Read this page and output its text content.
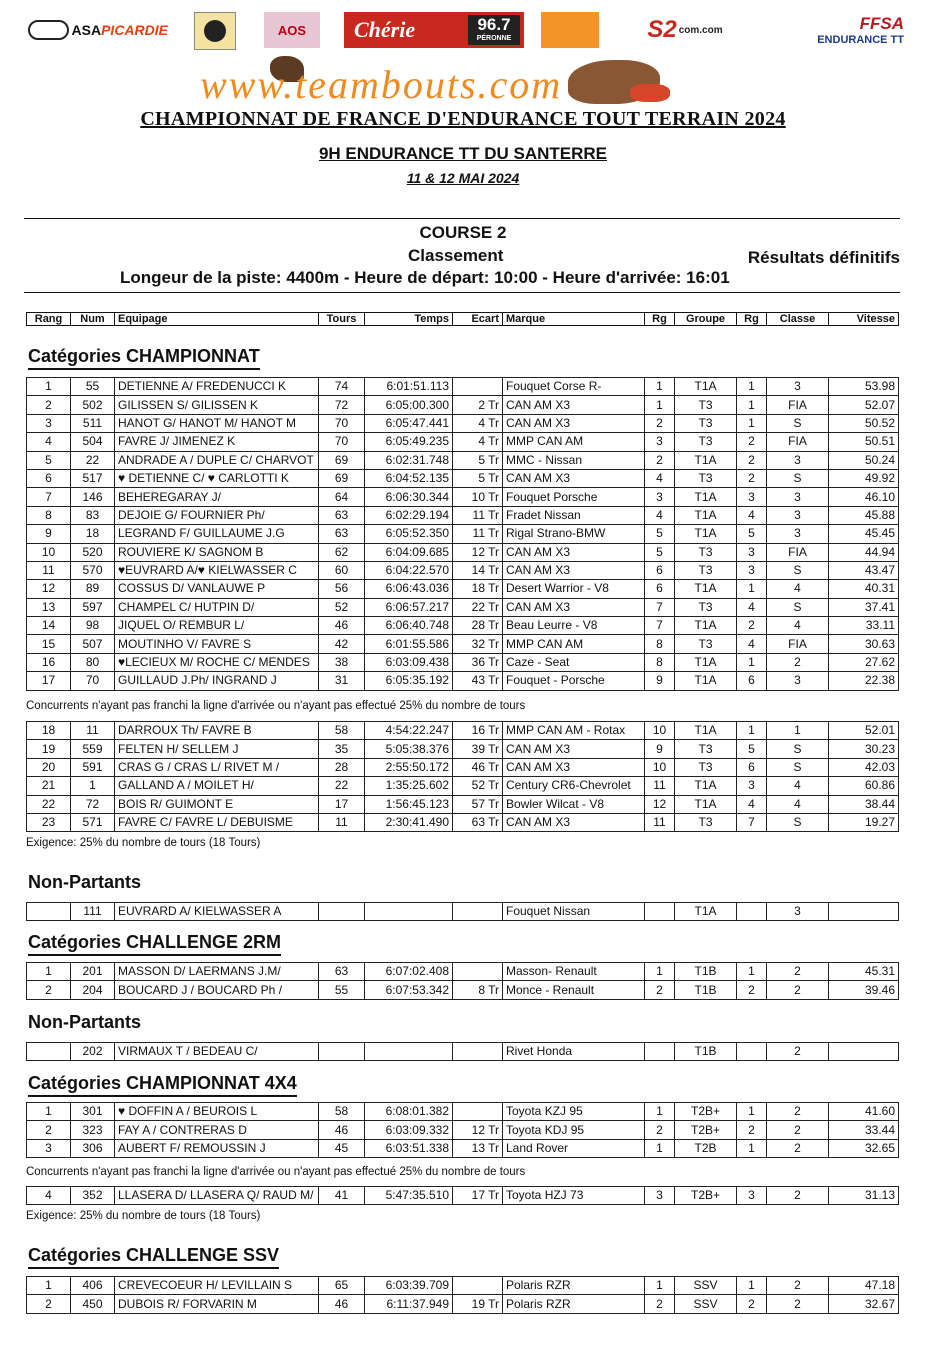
ASA PICARDIE	AOS	Chérie	96.7
PÉRONNE	S2 com.com	FFSA
ENDURANCE TT
www.teambouts.com
CHAMPIONNAT DE FRANCE D'ENDURANCE TOUT TERRAIN 2024
9H ENDURANCE TT DU SANTERRE
11 & 12 MAI 2024
COURSE 2
Classement	Résultats définitifs
Longeur de la piste: 4400m - Heure de départ: 10:00 - Heure d'arrivée: 16:01
Rang	Num	Equipage	Tours	Temps	Ecart	Marque	Rg	Groupe	Rg	Classe	Vitesse
Catégories CHAMPIONNAT
1	55	DETIENNE A/ FREDENUCCI K	74	6:01:51.113		Fouquet Corse R-	1	T1A	1	3	53.98
2	502	GILISSEN S/ GILISSEN K	72	6:05:00.300	2 Tr	CAN AM X3	1	T3	1	FIA	52.07
3	511	HANOT G/ HANOT M/ HANOT M	70	6:05:47.441	4 Tr	CAN AM X3	2	T3	1	S	50.52
4	504	FAVRE J/ JIMENEZ K	70	6:05:49.235	4 Tr	MMP CAN AM	3	T3	2	FIA	50.51
5	22	ANDRADE A / DUPLE C/ CHARVOT	69	6:02:31.748	5 Tr	MMC - Nissan	2	T1A	2	3	50.24
6	517	♥ DETIENNE C/ ♥ CARLOTTI K	69	6:04:52.135	5 Tr	CAN AM X3	4	T3	2	S	49.92
7	146	BEHEREGARAY J/	64	6:06:30.344	10 Tr	Fouquet Porsche	3	T1A	3	3	46.10
8	83	DEJOIE G/ FOURNIER Ph/	63	6:02:29.194	11 Tr	Fradet Nissan	4	T1A	4	3	45.88
9	18	LEGRAND F/ GUILLAUME J.G	63	6:05:52.350	11 Tr	Rigal Strano-BMW	5	T1A	5	3	45.45
10	520	ROUVIERE K/ SAGNOM B	62	6:04:09.685	12 Tr	CAN AM X3	5	T3	3	FIA	44.94
11	570	♥EUVRARD A/♥ KIELWASSER C	60	6:04:22.570	14 Tr	CAN AM X3	6	T3	3	S	43.47
12	89	COSSUS D/ VANLAUWE P	56	6:06:43.036	18 Tr	Desert Warrior - V8	6	T1A	1	4	40.31
13	597	CHAMPEL C/ HUTPIN D/	52	6:06:57.217	22 Tr	CAN AM X3	7	T3	4	S	37.41
14	98	JIQUEL O/ REMBUR L/	46	6:06:40.748	28 Tr	Beau Leurre - V8	7	T1A	2	4	33.11
15	507	MOUTINHO V/ FAVRE S	42	6:01:55.586	32 Tr	MMP CAN AM	8	T3	4	FIA	30.63
16	80	♥LECIEUX M/ ROCHE C/ MENDES	38	6:03:09.438	36 Tr	Caze - Seat	8	T1A	1	2	27.62
17	70	GUILLAUD J.Ph/ INGRAND J	31	6:05:35.192	43 Tr	Fouquet - Porsche	9	T1A	6	3	22.38
Concurrents n'ayant pas franchi la ligne d'arrivée ou n'ayant pas effectué 25% du nombre de tours
18	11	DARROUX Th/ FAVRE B	58	4:54:22.247	16 Tr	MMP CAN AM - Rotax	10	T1A	1	1	52.01
19	559	FELTEN H/ SELLEM J	35	5:05:38.376	39 Tr	CAN AM X3	9	T3	5	S	30.23
20	591	CRAS G / CRAS L/ RIVET M /	28	2:55:50.172	46 Tr	CAN AM X3	10	T3	6	S	42.03
21	1	GALLAND A / MOILET H/	22	1:35:25.602	52 Tr	Century CR6-Chevrolet	11	T1A	3	4	60.86
22	72	BOIS R/ GUIMONT E	17	1:56:45.123	57 Tr	Bowler Wilcat - V8	12	T1A	4	4	38.44
23	571	FAVRE C/ FAVRE L/ DEBUISME	11	2:30:41.490	63 Tr	CAN AM X3	11	T3	7	S	19.27
Exigence: 25% du nombre de tours (18 Tours)
Non-Partants
	111	EUVRARD A/ KIELWASSER A				Fouquet Nissan		T1A		3	
Catégories CHALLENGE 2RM
1	201	MASSON D/ LAERMANS J.M/	63	6:07:02.408		Masson- Renault	1	T1B	1	2	45.31
2	204	BOUCARD J / BOUCARD Ph /	55	6:07:53.342	8 Tr	Monce - Renault	2	T1B	2	2	39.46
Non-Partants
	202	VIRMAUX T / BEDEAU C/				Rivet Honda		T1B		2	
Catégories CHAMPIONNAT 4X4
1	301	♥ DOFFIN A / BEUROIS L	58	6:08:01.382		Toyota KZJ 95	1	T2B+	1	2	41.60
2	323	FAY A / CONTRERAS D	46	6:03:09.332	12 Tr	Toyota KDJ 95	2	T2B+	2	2	33.44
3	306	AUBERT F/ REMOUSSIN J	45	6:03:51.338	13 Tr	Land Rover	1	T2B	1	2	32.65
Concurrents n'ayant pas franchi la ligne d'arrivée ou n'ayant pas effectué 25% du nombre de tours
4	352	LLASERA D/ LLASERA Q/ RAUD M/	41	5:47:35.510	17 Tr	Toyota HZJ 73	3	T2B+	3	2	31.13
Exigence: 25% du nombre de tours (18 Tours)
Catégories CHALLENGE SSV
1	406	CREVECOEUR H/ LEVILLAIN S	65	6:03:39.709		Polaris RZR	1	SSV	1	2	47.18
2	450	DUBOIS R/ FORVARIN M	46	6:11:37.949	19 Tr	Polaris RZR	2	SSV	2	2	32.67
